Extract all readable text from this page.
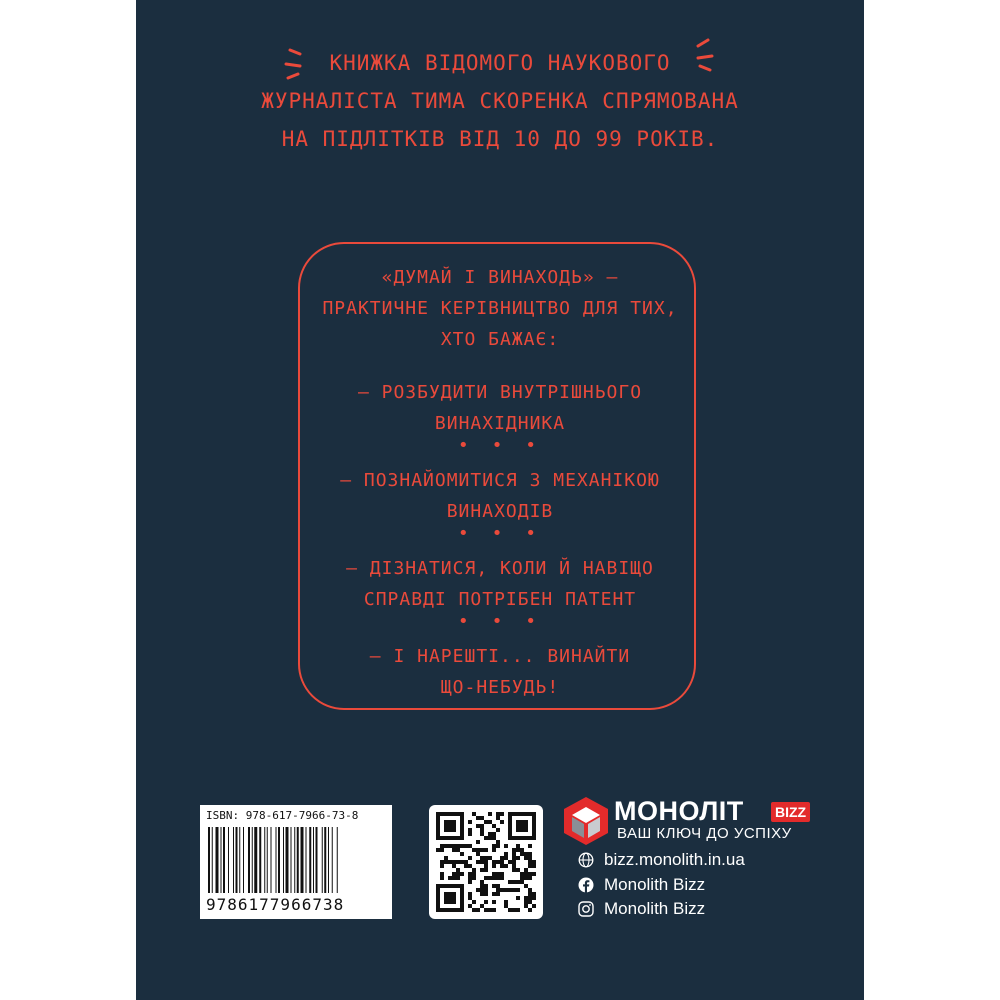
КНИЖКА ВІДОМОГО НАУКОВОГО
ЖУРНАЛІСТА ТИМА СКОРЕНКА СПРЯМОВАНА
НА ПІДЛІТКІВ ВІД 10 ДО 99 РОКІВ.
«ДУМАЙ І ВИНАХОДЬ» —
ПРАКТИЧНЕ КЕРІВНИЦТВО ДЛЯ ТИХ,
ХТО БАЖАЄ:
– РОЗБУДИТИ ВНУТРІШНЬОГО
ВИНАХІДНИКА
• • •
– ПОЗНАЙОМИТИСЯ З МЕХАНІКОЮ
ВИНАХОДІВ
• • •
– ДІЗНАТИСЯ, КОЛИ Й НАВІЩО
СПРАВДІ ПОТРІБЕН ПАТЕНТ
• • •
– І НАРЕШТІ... ВИНАЙТИ
ЩО-НЕБУДЬ!
ISBN: 978-617-7966-73-8
9786177966738
МОНОЛІТ BIZZ
ВАШ КЛЮЧ ДО УСПІХУ
bizz.monolith.in.ua
Monolith Bizz
Monolith Bizz
